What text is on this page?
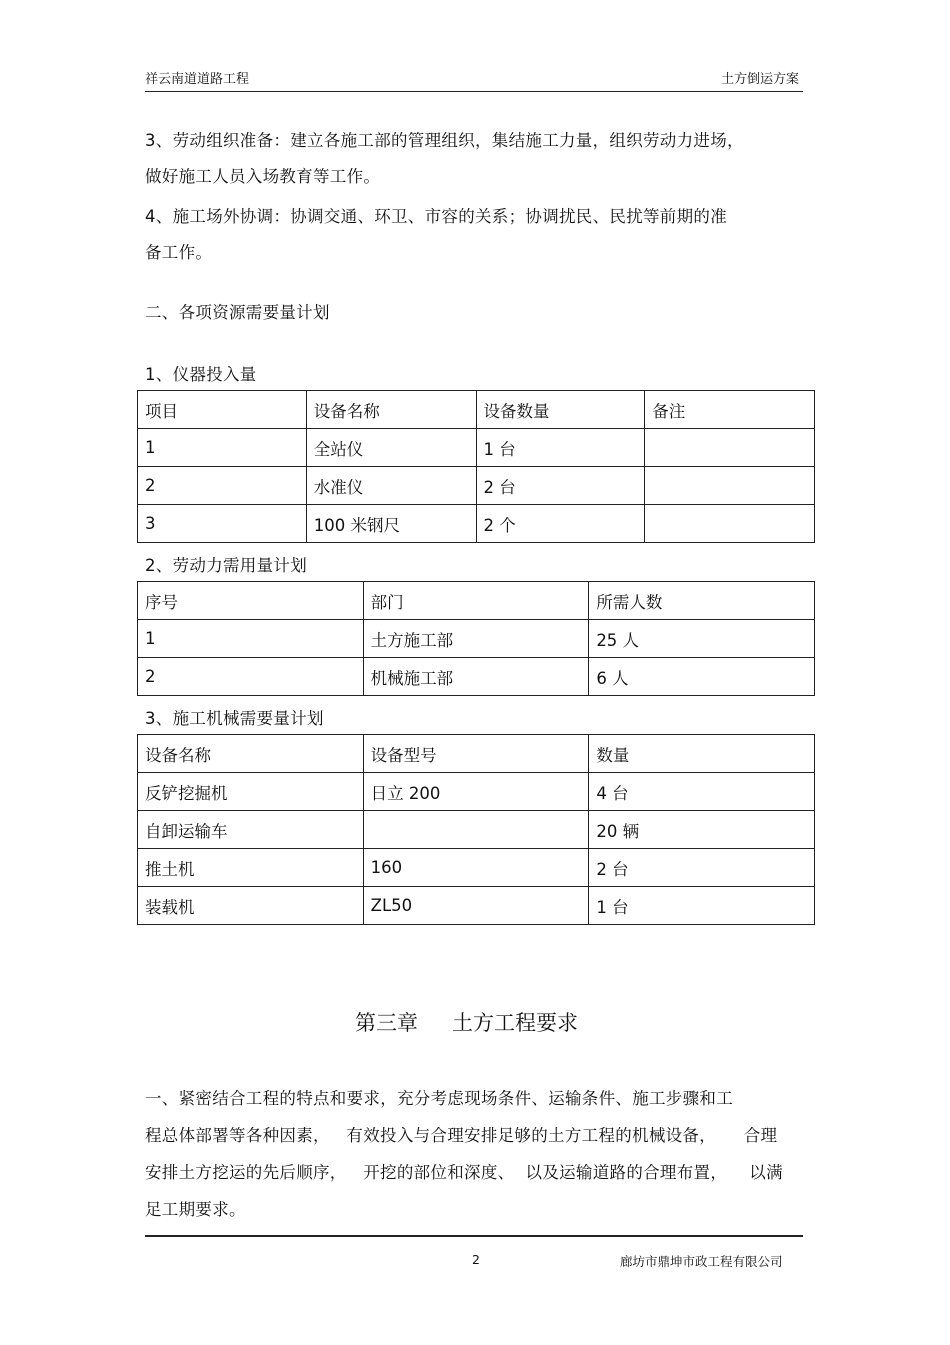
祥云南道道路工程	土方倒运方案
3、劳动组织准备：建立各施工部的管理组织，集结施工力量，组织劳动力进场，
做好施工人员入场教育等工作。
4、施工场外协调：协调交通、环卫、市容的关系；协调扰民、民扰等前期的准
备工作。
二、各项资源需要量计划
1、仪器投入量
项目	设备名称	设备数量	备注
1	全站仪	1 台	
2	水准仪	2 台	
3	100 米钢尺	2 个	
2、劳动力需用量计划
序号	部门	所需人数
1	土方施工部	25 人
2	机械施工部	6 人
3、施工机械需要量计划
设备名称	设备型号	数量
反铲挖掘机	日立 200	4 台
自卸运输车		20 辆
推土机	160	2 台
装载机	ZL50	1 台
第三章 土方工程要求
一、紧密结合工程的特点和要求，充分考虑现场条件、运输条件、施工步骤和工
程总体部署等各种因素，   有效投入与合理安排足够的土方工程的机械设备，     合理
安排土方挖运的先后顺序，   开挖的部位和深度、  以及运输道路的合理布置，    以满
足工期要求。
2	廊坊市鼎坤市政工程有限公司
